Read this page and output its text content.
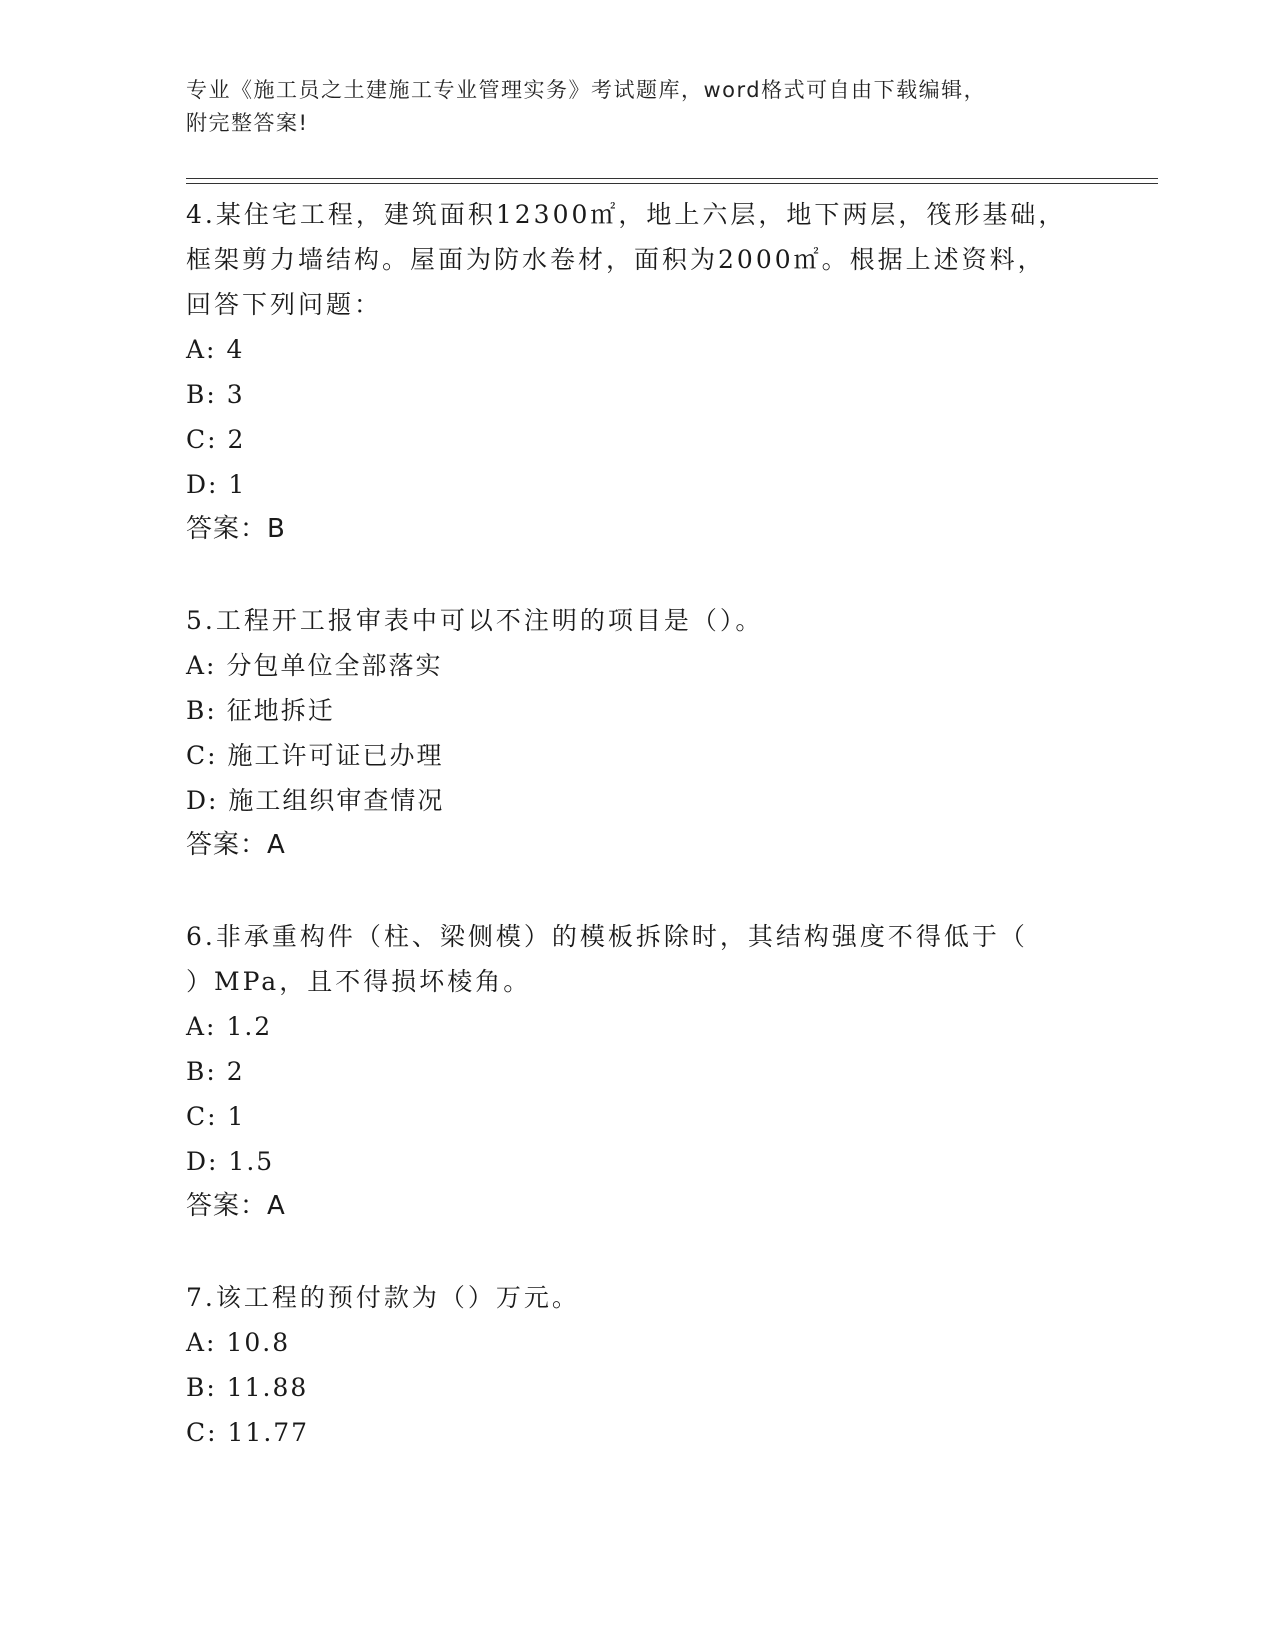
专业《施工员之土建施工专业管理实务》考试题库，word格式可自由下载编辑，
附完整答案!

4.某住宅工程，建筑面积12300㎡，地上六层，地下两层，筏形基础，

框架剪力墙结构。屋面为防水卷材，面积为2000㎡。根据上述资料，

回答下列问题：

A: 4

B: 3

C: 2

D: 1

答案：B

5.工程开工报审表中可以不注明的项目是（）。

A: 分包单位全部落实

B: 征地拆迁

C: 施工许可证已办理

D: 施工组织审查情况

答案：A

6.非承重构件（柱、梁侧模）的模板拆除时，其结构强度不得低于（

）MPa，且不得损坏棱角。

A: 1.2

B: 2

C: 1

D: 1.5

答案：A

7.该工程的预付款为（）万元。

A: 10.8

B: 11.88

C: 11.77
